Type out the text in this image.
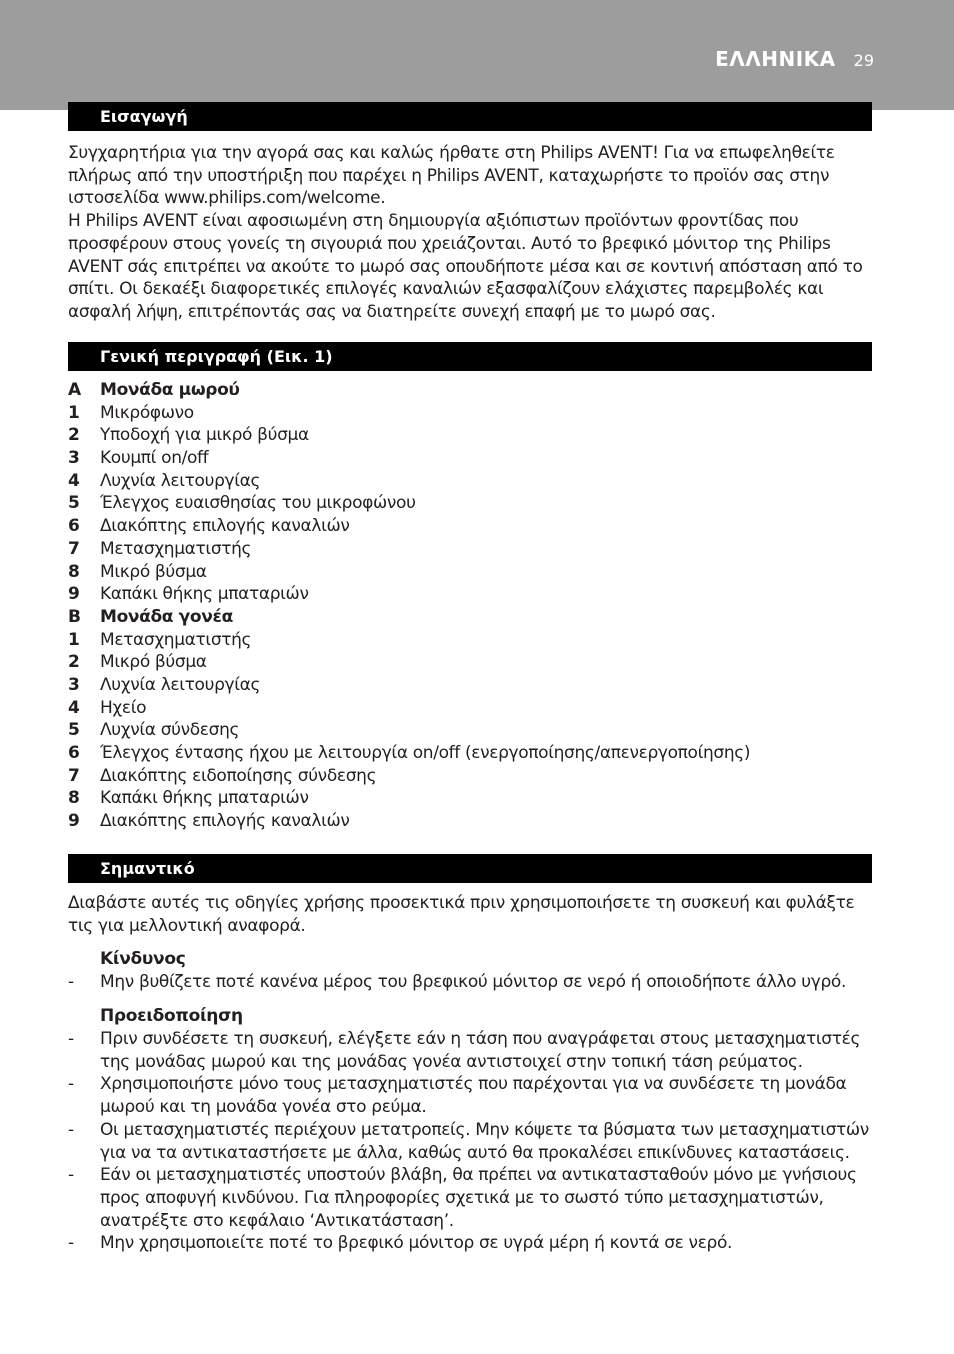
ΕΛΛΗΝΙΚΑ 29
Εισαγωγή

Συγχαρητήρια για την αγορά σας και καλώς ήρθατε στη Philips AVENT! Για να επωφεληθείτε πλήρως από την υποστήριξη που παρέχει η Philips AVENT, καταχωρήστε το προϊόν σας στην ιστοσελίδα www.philips.com/welcome.

Η Philips AVENT είναι αφοσιωμένη στη δημιουργία αξιόπιστων προϊόντων φροντίδας που προσφέρουν στους γονείς τη σιγουριά που χρειάζονται. Αυτό το βρεφικό μόνιτορ της Philips AVENT σάς επιτρέπει να ακούτε το μωρό σας οπουδήποτε μέσα και σε κοντινή απόσταση από το σπίτι. Οι δεκαέξι διαφορετικές επιλογές καναλιών εξασφαλίζουν ελάχιστες παρεμβολές και ασφαλή λήψη, επιτρέποντάς σας να διατηρείτε συνεχή επαφή με το μωρό σας.

Γενική περιγραφή (Εικ. 1)
A	Μονάδα μωρού
1	Μικρόφωνο
2	Υποδοχή για μικρό βύσμα
3	Κουμπί on/off
4	Λυχνία λειτουργίας
5	Έλεγχος ευαισθησίας του μικροφώνου
6	Διακόπτης επιλογής καναλιών
7	Μετασχηματιστής
8	Μικρό βύσμα
9	Καπάκι θήκης μπαταριών
B	Μονάδα γονέα
1	Μετασχηματιστής
2	Μικρό βύσμα
3	Λυχνία λειτουργίας
4	Ηχείο
5	Λυχνία σύνδεσης
6	Έλεγχος έντασης ήχου με λειτουργία on/off (ενεργοποίησης/απενεργοποίησης)
7	Διακόπτης ειδοποίησης σύνδεσης
8	Καπάκι θήκης μπαταριών
9	Διακόπτης επιλογής καναλιών
Σημαντικό
Διαβάστε αυτές τις οδηγίες χρήσης προσεκτικά πριν χρησιμοποιήσετε τη συσκευή και φυλάξτε τις για μελλοντική αναφορά.
Κίνδυνος
-	Μην βυθίζετε ποτέ κανένα μέρος του βρεφικού μόνιτορ σε νερό ή οποιοδήποτε άλλο υγρό.
Προειδοποίηση
-	Πριν συνδέσετε τη συσκευή, ελέγξετε εάν η τάση που αναγράφεται στους μετασχηματιστές της μονάδας μωρού και της μονάδας γονέα αντιστοιχεί στην τοπική τάση ρεύματος.
-	Χρησιμοποιήστε μόνο τους μετασχηματιστές που παρέχονται για να συνδέσετε τη μονάδα μωρού και τη μονάδα γονέα στο ρεύμα.
-	Οι μετασχηματιστές περιέχουν μετατροπείς. Μην κόψετε τα βύσματα των μετασχηματιστών για να τα αντικαταστήσετε με άλλα, καθώς αυτό θα προκαλέσει επικίνδυνες καταστάσεις.
-	Εάν οι μετασχηματιστές υποστούν βλάβη, θα πρέπει να αντικατασταθούν μόνο με γνήσιους προς αποφυγή κινδύνου. Για πληροφορίες σχετικά με το σωστό τύπο μετασχηματιστών, ανατρέξτε στο κεφάλαιο ‘Αντικατάσταση’.
-	Μην χρησιμοποιείτε ποτέ το βρεφικό μόνιτορ σε υγρά μέρη ή κοντά σε νερό.
